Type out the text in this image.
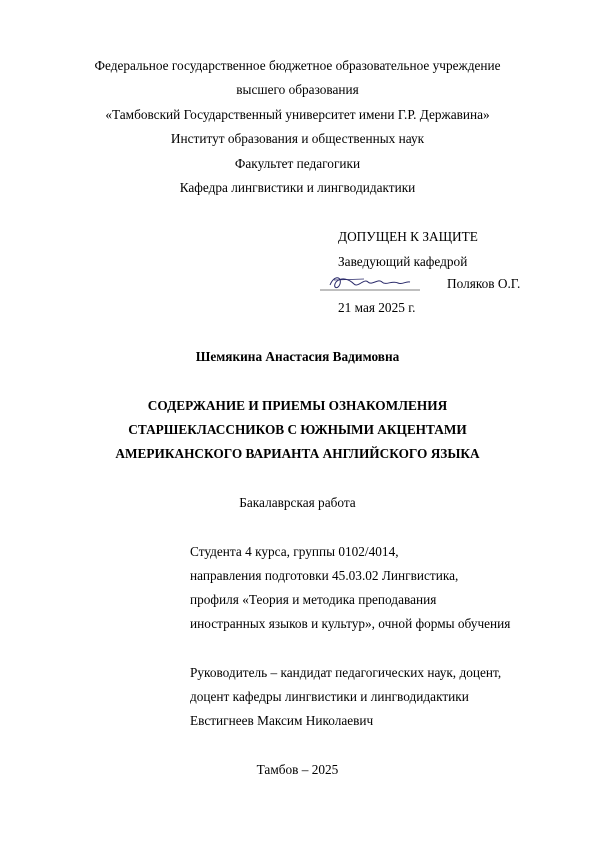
Федеральное государственное бюджетное образовательное учреждение
высшего образования
«Тамбовский Государственный университет имени Г.Р. Державина»
Институт образования и общественных наук
Факультет педагогики
Кафедра лингвистики и лингводидактики
ДОПУЩЕН К ЗАЩИТЕ
Заведующий кафедрой
Поляков О.Г.
21 мая 2025 г.
Шемякина Анастасия Вадимовна
СОДЕРЖАНИЕ И ПРИЕМЫ ОЗНАКОМЛЕНИЯ
СТАРШЕКЛАССНИКОВ С ЮЖНЫМИ АКЦЕНТАМИ
АМЕРИКАНСКОГО ВАРИАНТА АНГЛИЙСКОГО ЯЗЫКА
Бакалаврская работа
Студента 4 курса, группы 0102/4014,
направления подготовки 45.03.02 Лингвистика,
профиля «Теория и методика преподавания
иностранных языков и культур», очной формы обучения
Руководитель – кандидат педагогических наук, доцент,
доцент кафедры лингвистики и лингводидактики
Евстигнеев Максим Николаевич
Тамбов – 2025
